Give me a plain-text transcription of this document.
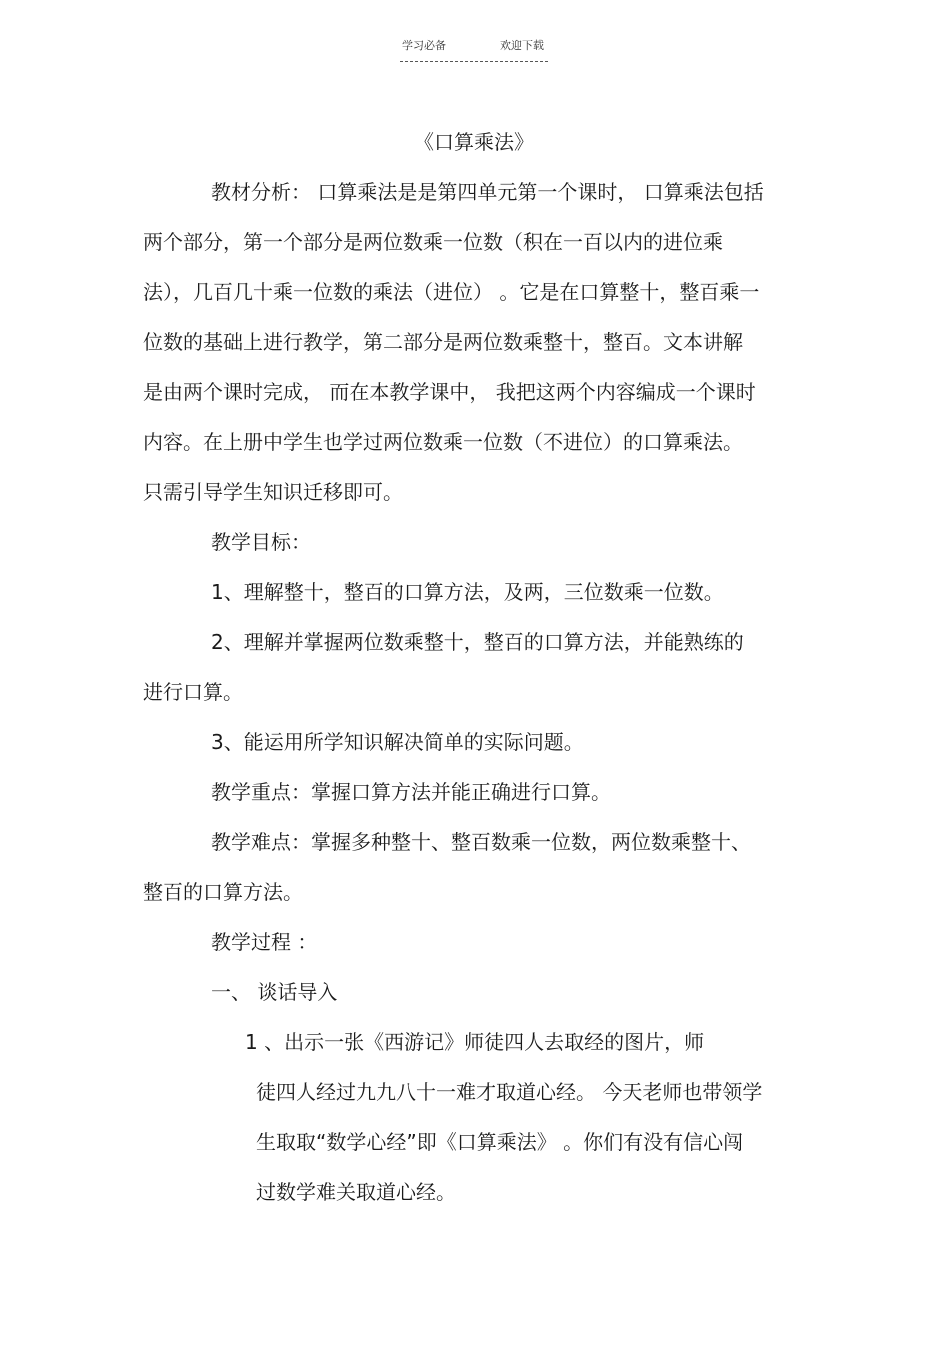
学习必备	欢迎下载
《口算乘法》
教材分析： 口算乘法是是第四单元第一个课时， 口算乘法包括
两个部分，第一个部分是两位数乘一位数（积在一百以内的进位乘
法），几百几十乘一位数的乘法（进位） 。它是在口算整十，整百乘一
位数的基础上进行教学，第二部分是两位数乘整十，整百。文本讲解
是由两个课时完成， 而在本教学课中， 我把这两个内容编成一个课时
内容。在上册中学生也学过两位数乘一位数（不进位）的口算乘法。
只需引导学生知识迁移即可。
教学目标：
1、理解整十，整百的口算方法，及两，三位数乘一位数。
2、理解并掌握两位数乘整十，整百的口算方法，并能熟练的
进行口算。
3、能运用所学知识解决简单的实际问题。
教学重点：掌握口算方法并能正确进行口算。
教学难点：掌握多种整十、整百数乘一位数，两位数乘整十、
整百的口算方法。
教学过程 ：
一、 谈话导入
1 、出示一张《西游记》师徒四人去取经的图片，师
徒四人经过九九八十一难才取道心经。 今天老师也带领学
生取取“数学心经”即《口算乘法》 。你们有没有信心闯
过数学难关取道心经。
